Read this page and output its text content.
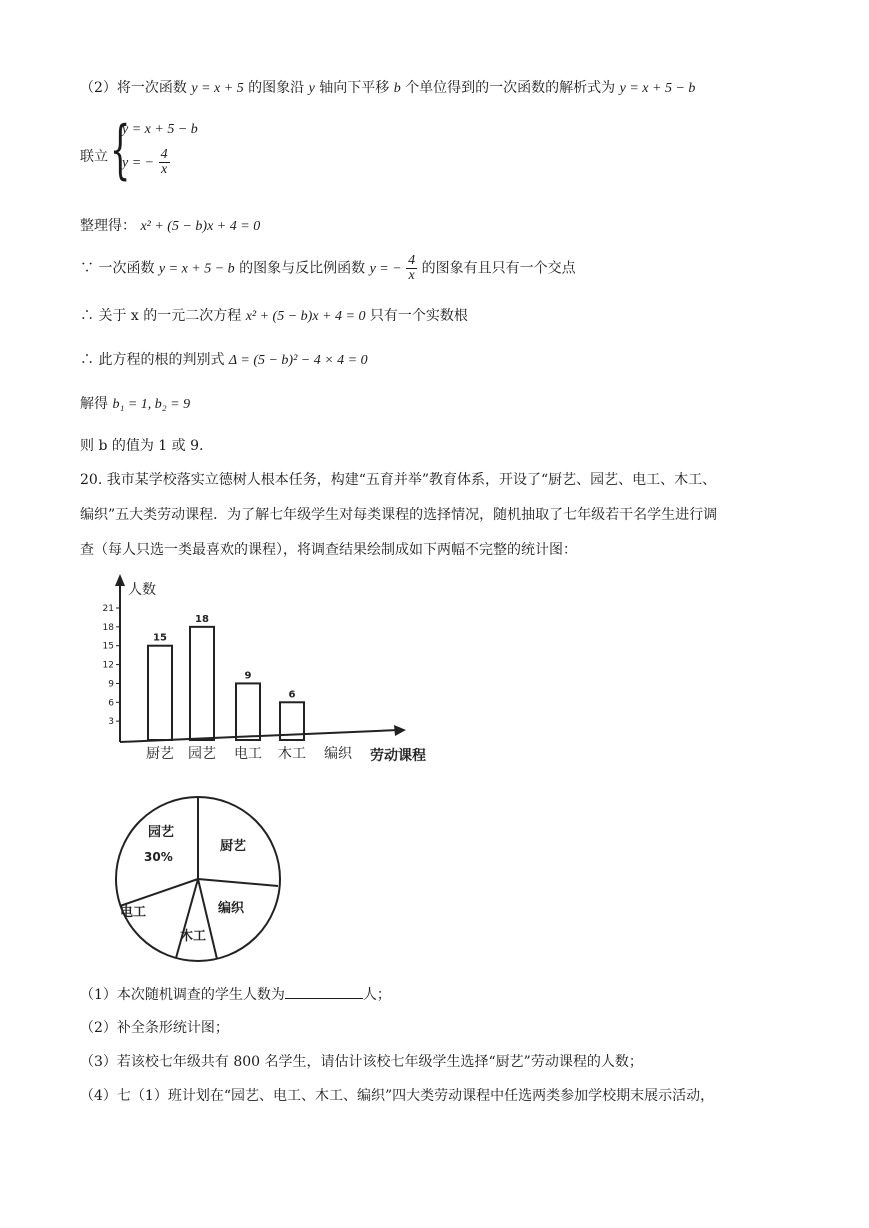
（2）将一次函数 y = x + 5 的图象沿 y 轴向下平移 b 个单位得到的一次函数的解析式为 y = x + 5 − b
联立 {
y = x + 5 − b
y = − $\frac{4}{x}$
整理得： x² + (5 − b)x + 4 = 0
∵ 一次函数 y = x + 5 − b 的图象与反比例函数 y = − $\frac{4}{x}$ 的图象有且只有一个交点
∴ 关于 x 的一元二次方程 x² + (5 − b)x + 4 = 0 只有一个实数根
∴ 此方程的根的判别式 Δ = (5 − b)² − 4 × 4 = 0
解得 b₁ = 1, b₂ = 9
则 b 的值为 1 或 9.
20. 我市某学校落实立德树人根本任务，构建“五育并举”教育体系，开设了“厨艺、园艺、电工、木工、
编织”五大类劳动课程．为了解七年级学生对每类课程的选择情况，随机抽取了七年级若干名学生进行调
查（每人只选一类最喜欢的课程），将调查结果绘制成如下两幅不完整的统计图：
3
6
9
12
15
18
21
15
18
9
6
厨艺 园艺 电工 木工 编织
人数
劳动课程
园艺
30%
厨艺
编织
木工
电工
（1）本次随机调查的学生人数为	人；
（2）补全条形统计图；
（3）若该校七年级共有 800 名学生，请估计该校七年级学生选择“厨艺”劳动课程的人数；
（4）七（1）班计划在“园艺、电工、木工、编织”四大类劳动课程中任选两类参加学校期末展示活动，
